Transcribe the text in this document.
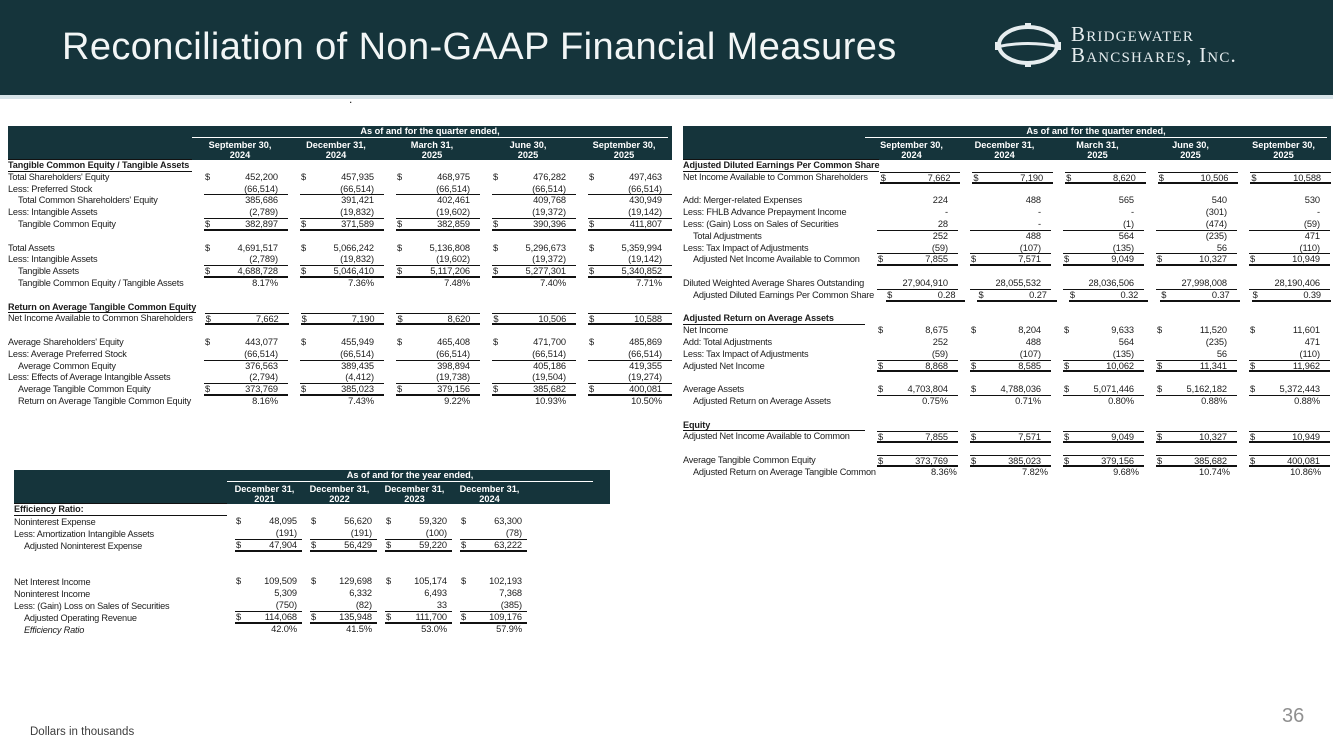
Reconciliation of Non-GAAP Financial Measures	Bridgewater
Bancshares, Inc.
.
As of and for the quarter ended,
September 30,
2024
December 31,
2024
March 31,
2025
June 30,
2025
September 30,
2025
Tangible Common Equity / Tangible Assets
Total Shareholders' Equity	$	452,200	$	457,935	$	468,975	$	476,282	$	497,463
Less: Preferred Stock	(66,514)	(66,514)	(66,514)	(66,514)	(66,514)
Total Common Shareholders' Equity	385,686	391,421	402,461	409,768	430,949
Less: Intangible Assets	(2,789)	(19,832)	(19,602)	(19,372)	(19,142)
Tangible Common Equity	$	382,897	$	371,589	$	382,859	$	390,396	$	411,807
Total Assets	$	4,691,517	$	5,066,242	$	5,136,808	$	5,296,673	$	5,359,994
Less: Intangible Assets	(2,789)	(19,832)	(19,602)	(19,372)	(19,142)
Tangible Assets	$	4,688,728	$	5,046,410	$	5,117,206	$	5,277,301	$	5,340,852
Tangible Common Equity / Tangible Assets	8.17%	7.36%	7.48%	7.40%	7.71%
Return on Average Tangible Common Equity
Net Income Available to Common Shareholders $	7,662	$	7,190	$	8,620	$	10,506	$	10,588
Average Shareholders' Equity	$	443,077	$	455,949	$	465,408	$	471,700	$	485,869
Less: Average Preferred Stock	(66,514)	(66,514)	(66,514)	(66,514)	(66,514)
Average Common Equity	376,563	389,435	398,894	405,186	419,355
Less: Effects of Average Intangible Assets	(2,794)	(4,412)	(19,738)	(19,504)	(19,274)
Average Tangible Common Equity	$	373,769	$	385,023	$	379,156	$	385,682	$	400,081
Return on Average Tangible Common Equity	8.16%	7.43%	9.22%	10.93%	10.50%
As of and for the quarter ended,
September 30,
2024
December 31,
2024
March 31,
2025
June 30,
2025
September 30,
2025
Adjusted Diluted Earnings Per Common Share
Net Income Available to Common Shareholders $	7,662	$	7,190	$	8,620	$	10,506	$	10,588
Add: Merger-related Expenses	224	488	565	540	530
Less: FHLB Advance Prepayment Income	-	-	-	(301)	-
Less: (Gain) Loss on Sales of Securities	28	-	(1)	(474)	(59)
Total Adjustments	252	488	564	(235)	471
Less: Tax Impact of Adjustments	(59)	(107)	(135)	56	(110)
Adjusted Net Income Available to Common	$	7,855	$	7,571	$	9,049	$	10,327	$	10,949
Diluted Weighted Average Shares Outstanding	27,904,910	28,055,532	28,036,506	27,998,008	28,190,406
Adjusted Diluted Earnings Per Common Share $	0.28	$	0.27	$	0.32	$	0.37	$	0.39
Adjusted Return on Average Assets
Net Income	$	8,675	$	8,204	$	9,633	$	11,520	$	11,601
Add: Total Adjustments	252	488	564	(235)	471
Less: Tax Impact of Adjustments	(59)	(107)	(135)	56	(110)
Adjusted Net Income	$	8,868	$	8,585	$	10,062	$	11,341	$	11,962
Average Assets	$	4,703,804	$	4,788,036	$	5,071,446	$	5,162,182	$	5,372,443
Adjusted Return on Average Assets	0.75%	0.71%	0.80%	0.88%	0.88%
Equity
Adjusted Net Income Available to Common	$	7,855	$	7,571	$	9,049	$	10,327	$	10,949
Average Tangible Common Equity	$	373,769	$	385,023	$	379,156	$	385,682	$	400,081
Adjusted Return on Average Tangible Common	8.36%	7.82%	9.68%	10.74%	10.86%
As of and for the year ended,
December 31,
2021
December 31,
2022
December 31,
2023
December 31,
2024
Efficiency Ratio:
Noninterest Expense	$	48,095	$	56,620	$	59,320	$	63,300
Less: Amortization Intangible Assets	(191)	(191)	(100)	(78)
Adjusted Noninterest Expense	$	47,904	$	56,429	$	59,220	$	63,222
Net Interest Income	$	109,509	$	129,698	$	105,174	$	102,193
Noninterest Income	5,309	6,332	6,493	7,368
Less: (Gain) Loss on Sales of Securities	(750)	(82)	33	(385)
Adjusted Operating Revenue	$	114,068	$	135,948	$	111,700	$	109,176
Efficiency Ratio	42.0%	41.5%	53.0%	57.9%
Dollars in thousands
36
